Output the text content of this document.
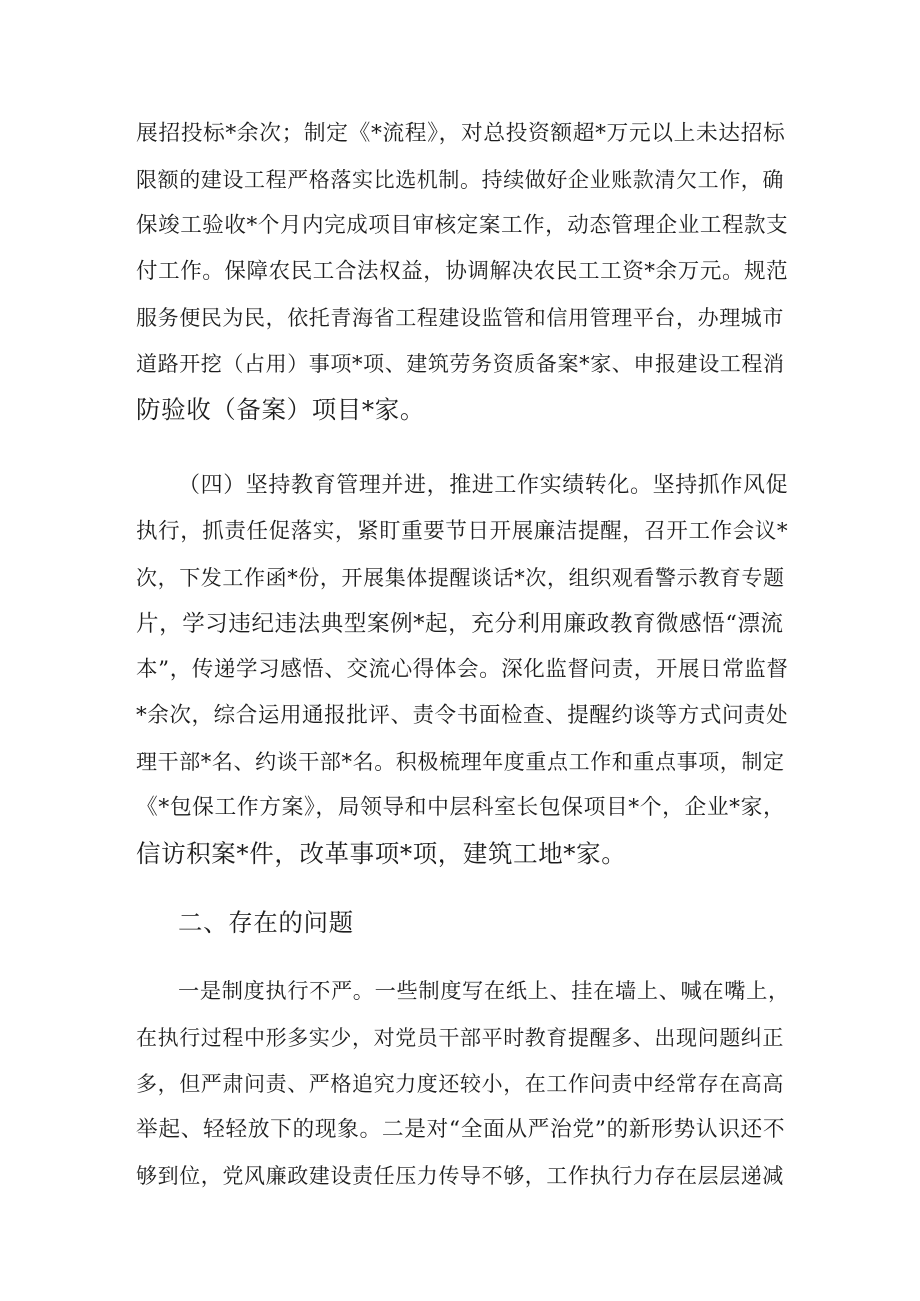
展招投标*余次；制定《*流程》，对总投资额超*万元以上未达招标
限额的建设工程严格落实比选机制。持续做好企业账款清欠工作，确
保竣工验收*个月内完成项目审核定案工作，动态管理企业工程款支
付工作。保障农民工合法权益，协调解决农民工工资*余万元。规范
服务便民为民，依托青海省工程建设监管和信用管理平台，办理城市
道路开挖（占用）事项*项、建筑劳务资质备案*家、申报建设工程消
防验收（备案）项目*家。
（四）坚持教育管理并进，推进工作实绩转化。坚持抓作风促
执行，抓责任促落实，紧盯重要节日开展廉洁提醒，召开工作会议*
次，下发工作函*份，开展集体提醒谈话*次，组织观看警示教育专题
片，学习违纪违法典型案例*起，充分利用廉政教育微感悟“漂流
本”，传递学习感悟、交流心得体会。深化监督问责，开展日常监督
*余次，综合运用通报批评、责令书面检查、提醒约谈等方式问责处
理干部*名、约谈干部*名。积极梳理年度重点工作和重点事项，制定
《*包保工作方案》，局领导和中层科室长包保项目*个，企业*家，
信访积案*件，改革事项*项，建筑工地*家。
二、存在的问题
一是制度执行不严。一些制度写在纸上、挂在墙上、喊在嘴上，
在执行过程中形多实少，对党员干部平时教育提醒多、出现问题纠正
多，但严肃问责、严格追究力度还较小，在工作问责中经常存在高高
举起、轻轻放下的现象。二是对“全面从严治党”的新形势认识还不
够到位，党风廉政建设责任压力传导不够，工作执行力存在层层递减
